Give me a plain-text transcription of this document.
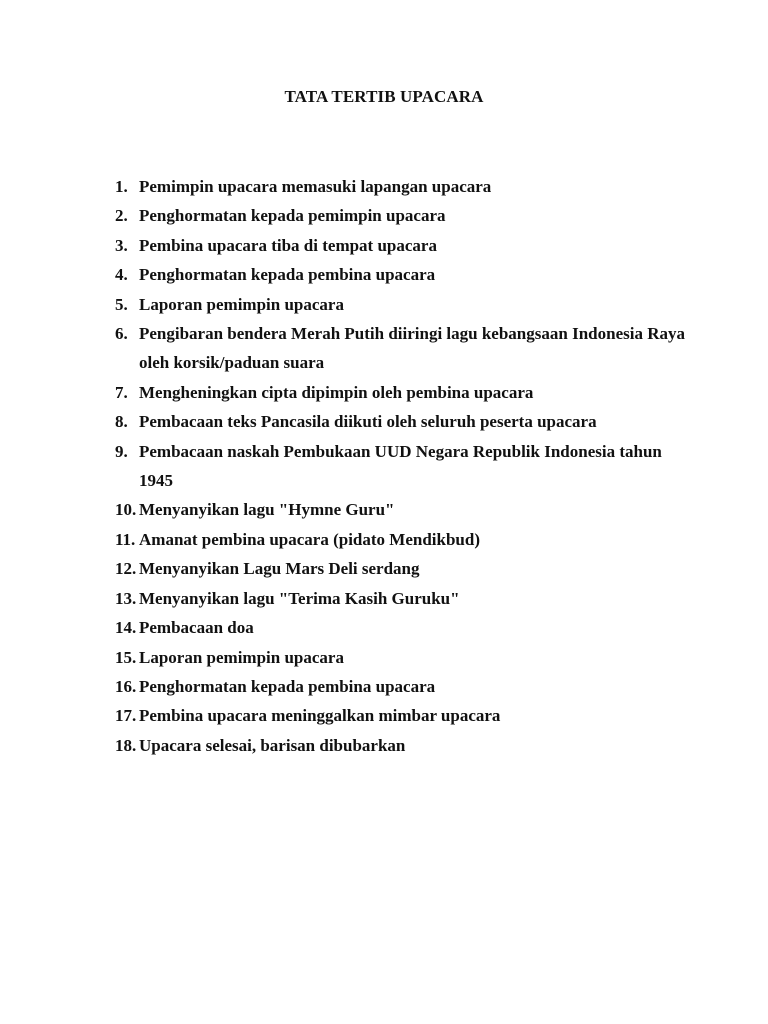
TATA TERTIB UPACARA
1. Pemimpin upacara memasuki lapangan upacara
2. Penghormatan kepada pemimpin upacara
3. Pembina upacara tiba di tempat upacara
4. Penghormatan kepada pembina upacara
5. Laporan pemimpin upacara
6. Pengibaran bendera Merah Putih diiringi lagu kebangsaan Indonesia Raya oleh korsik/paduan suara
7. Mengheningkan cipta dipimpin oleh pembina upacara
8. Pembacaan teks Pancasila diikuti oleh seluruh peserta upacara
9. Pembacaan naskah Pembukaan UUD Negara Republik Indonesia tahun 1945
10. Menyanyikan lagu "Hymne Guru"
11. Amanat pembina upacara (pidato Mendikbud)
12. Menyanyikan Lagu Mars Deli serdang
13. Menyanyikan lagu "Terima Kasih Guruku"
14. Pembacaan doa
15. Laporan pemimpin upacara
16. Penghormatan kepada pembina upacara
17. Pembina upacara meninggalkan mimbar upacara
18. Upacara selesai, barisan dibubarkan
